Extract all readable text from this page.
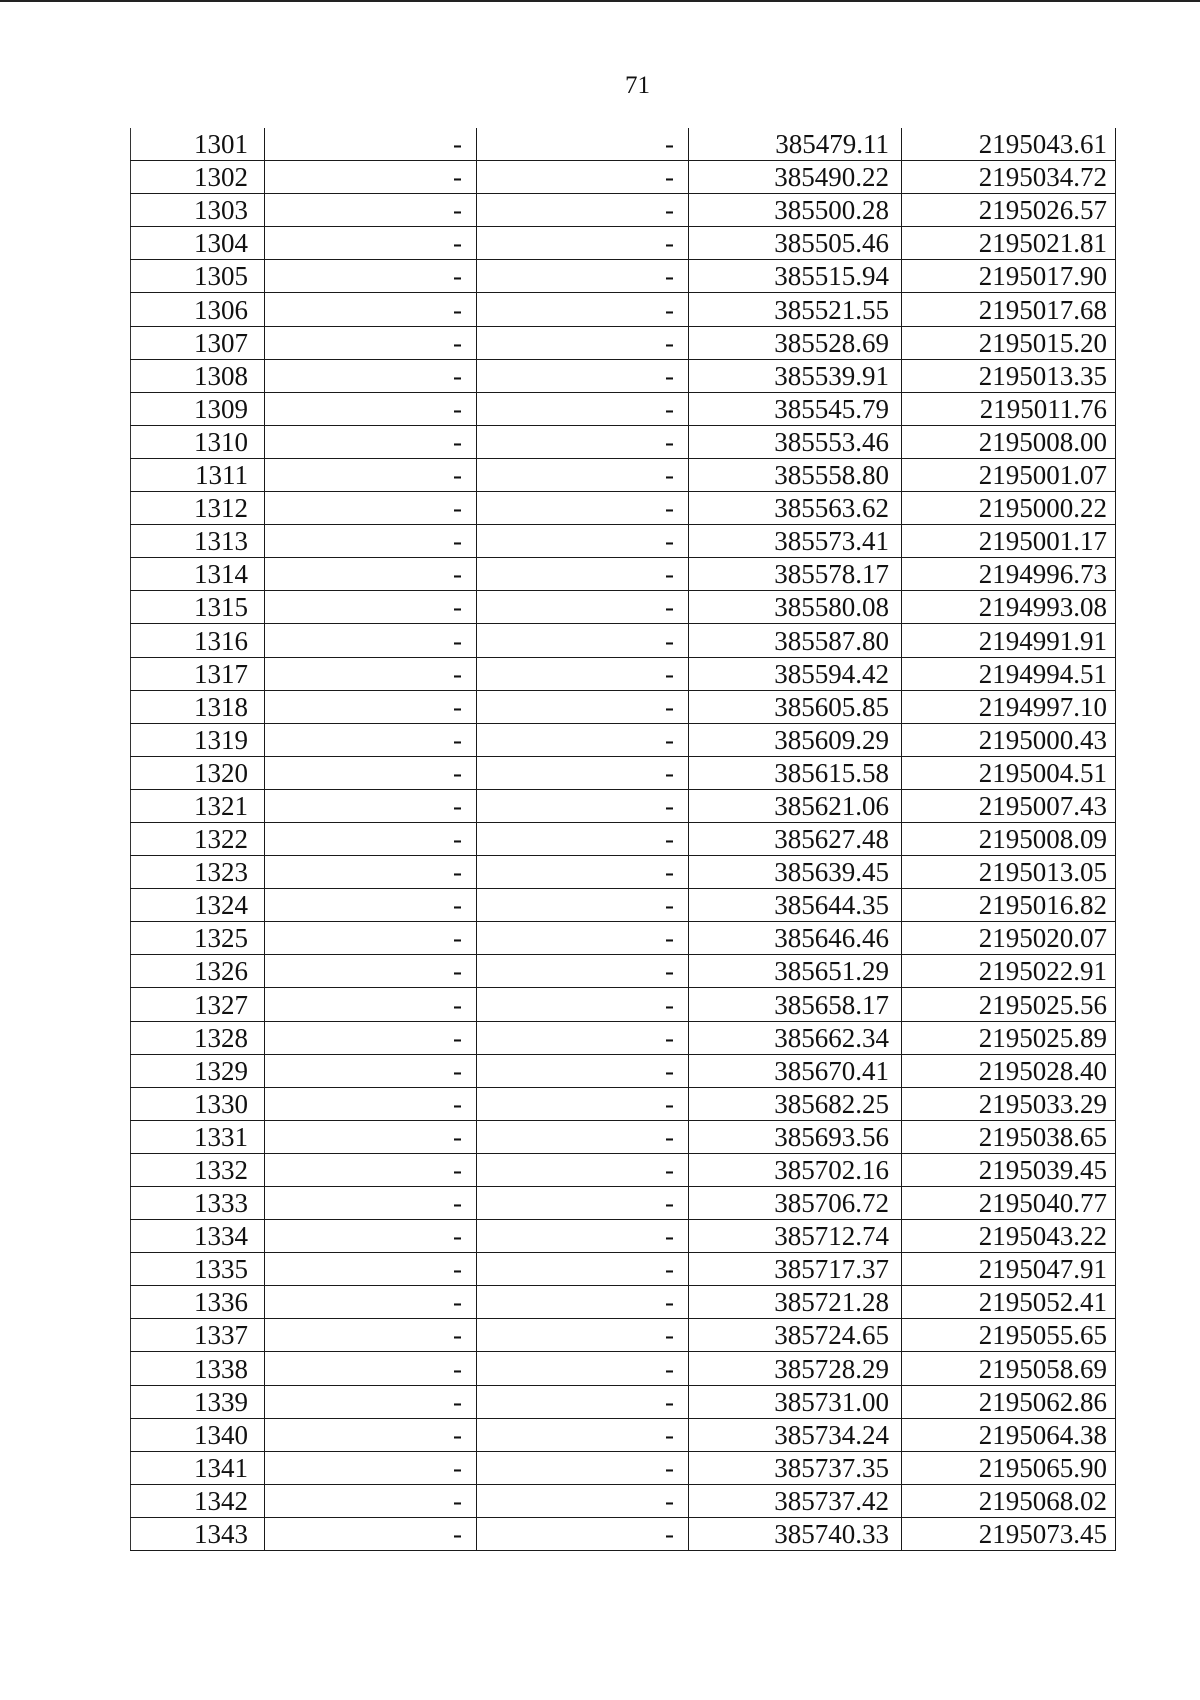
71
1301	-	-	385479.11	2195043.61
1302	-	-	385490.22	2195034.72
1303	-	-	385500.28	2195026.57
1304	-	-	385505.46	2195021.81
1305	-	-	385515.94	2195017.90
1306	-	-	385521.55	2195017.68
1307	-	-	385528.69	2195015.20
1308	-	-	385539.91	2195013.35
1309	-	-	385545.79	2195011.76
1310	-	-	385553.46	2195008.00
1311	-	-	385558.80	2195001.07
1312	-	-	385563.62	2195000.22
1313	-	-	385573.41	2195001.17
1314	-	-	385578.17	2194996.73
1315	-	-	385580.08	2194993.08
1316	-	-	385587.80	2194991.91
1317	-	-	385594.42	2194994.51
1318	-	-	385605.85	2194997.10
1319	-	-	385609.29	2195000.43
1320	-	-	385615.58	2195004.51
1321	-	-	385621.06	2195007.43
1322	-	-	385627.48	2195008.09
1323	-	-	385639.45	2195013.05
1324	-	-	385644.35	2195016.82
1325	-	-	385646.46	2195020.07
1326	-	-	385651.29	2195022.91
1327	-	-	385658.17	2195025.56
1328	-	-	385662.34	2195025.89
1329	-	-	385670.41	2195028.40
1330	-	-	385682.25	2195033.29
1331	-	-	385693.56	2195038.65
1332	-	-	385702.16	2195039.45
1333	-	-	385706.72	2195040.77
1334	-	-	385712.74	2195043.22
1335	-	-	385717.37	2195047.91
1336	-	-	385721.28	2195052.41
1337	-	-	385724.65	2195055.65
1338	-	-	385728.29	2195058.69
1339	-	-	385731.00	2195062.86
1340	-	-	385734.24	2195064.38
1341	-	-	385737.35	2195065.90
1342	-	-	385737.42	2195068.02
1343	-	-	385740.33	2195073.45
